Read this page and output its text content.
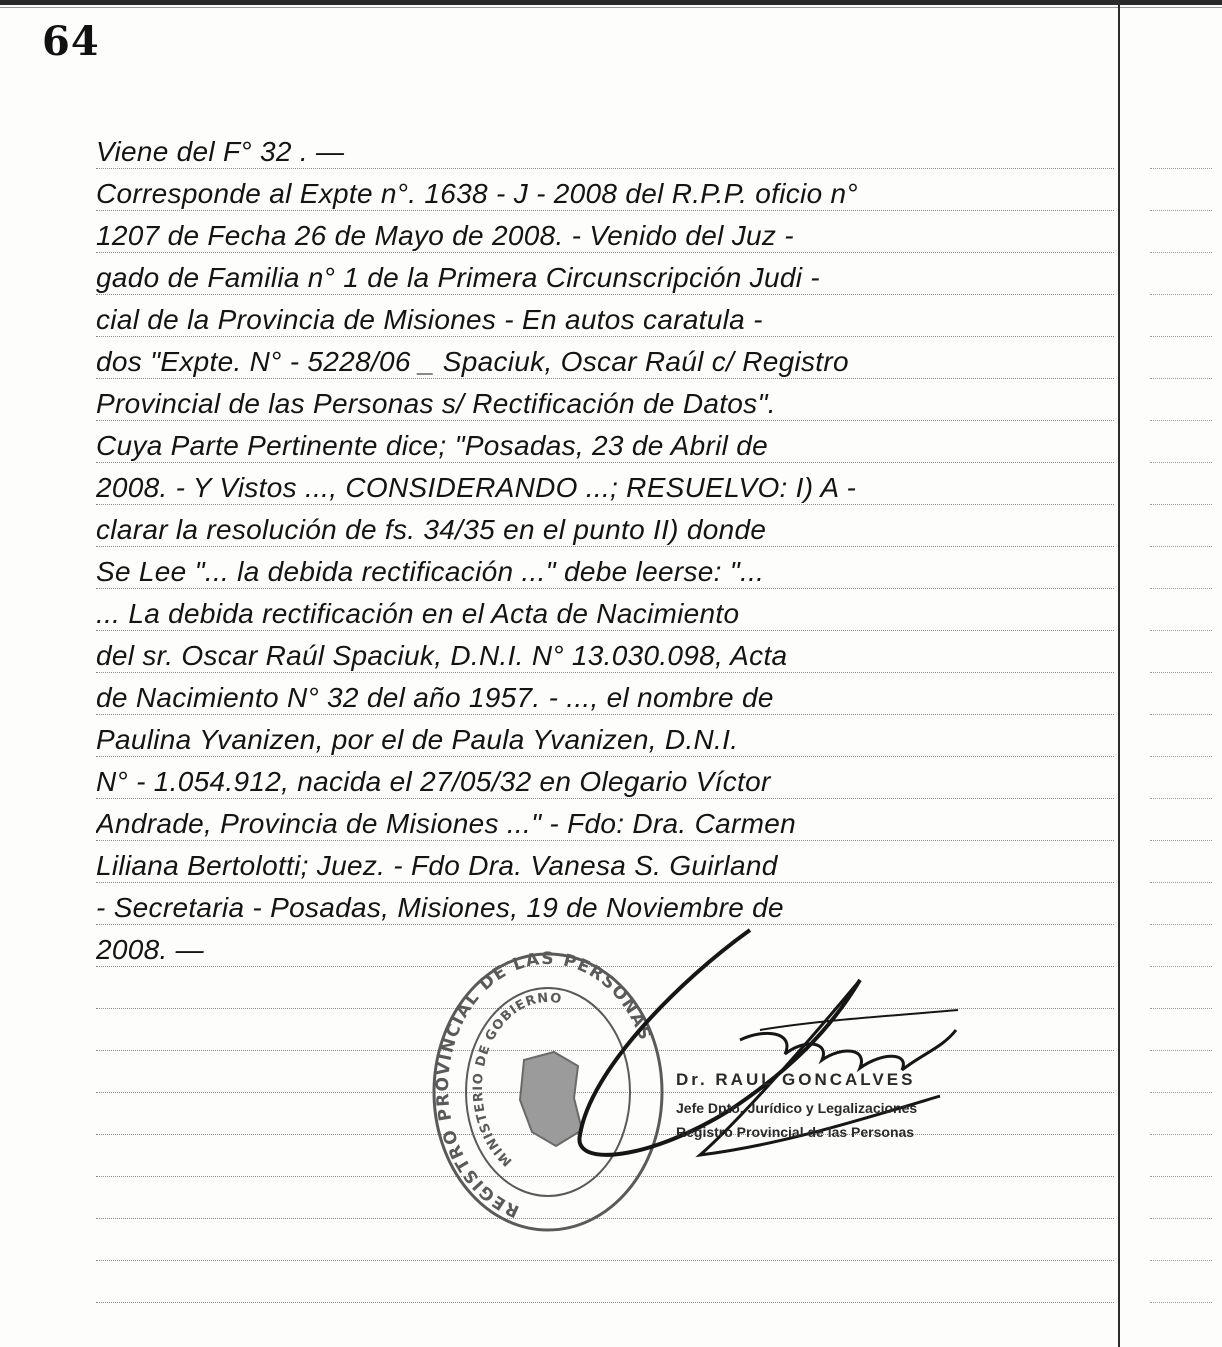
64
Viene del F° 32 . —
Corresponde al Expte n°. 1638 - J - 2008 del R.P.P. oficio n°
1207 de Fecha 26 de Mayo de 2008. - Venido del Juz -
gado de Familia n° 1 de la Primera Circunscripción Judi -
cial de la Provincia de Misiones - En autos caratula -
dos "Expte. N° - 5228/06 _ Spaciuk, Oscar Raúl c/ Registro
Provincial de las Personas s/ Rectificación de Datos".
Cuya Parte Pertinente dice; "Posadas, 23 de Abril de
2008. - Y Vistos ..., CONSIDERANDO ...; RESUELVO: I) A -
clarar la resolución de fs. 34/35 en el punto II) donde
Se Lee "... la debida rectificación ..." debe leerse: "...
... La debida rectificación en el Acta de Nacimiento
del sr. Oscar Raúl Spaciuk, D.N.I. N° 13.030.098, Acta
de Nacimiento N° 32 del año 1957. - ..., el nombre de
Paulina Yvanizen, por el de Paula Yvanizen, D.N.I.
N° - 1.054.912, nacida el 27/05/32 en Olegario Víctor
Andrade, Provincia de Misiones ..." - Fdo: Dra. Carmen
Liliana Bertolotti; Juez. - Fdo Dra. Vanesa S. Guirland
- Secretaria - Posadas, Misiones, 19 de Noviembre de
2008. —
REGISTRO PROVINCIAL DE LAS PERSONAS
MINISTERIO DE GOBIERNO
Dr. RAUL GONCALVES
Jefe Dpto. Jurídico y Legalizaciones
Registro Provincial de las Personas
